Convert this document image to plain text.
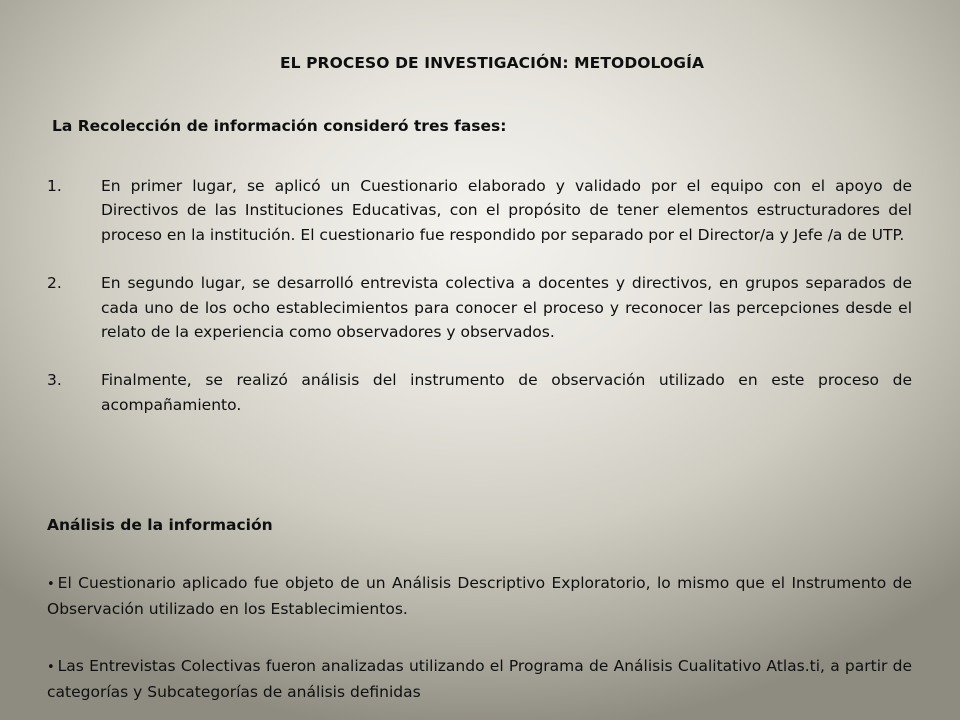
EL PROCESO DE INVESTIGACIÓN: METODOLOGÍA
La Recolección de información consideró tres fases:
1.	En primer lugar, se aplicó un Cuestionario elaborado y validado por el equipo con el apoyo de Directivos de las Instituciones Educativas, con el propósito de tener elementos estructuradores del proceso en la institución. El cuestionario fue respondido por separado por el Director/a y Jefe /a de UTP.
2.	En segundo lugar, se desarrolló entrevista colectiva a docentes y directivos, en grupos separados de cada uno de los ocho establecimientos para conocer el proceso y reconocer las percepciones desde el relato de la experiencia como observadores y observados.
3.	Finalmente, se realizó análisis del instrumento de observación utilizado en este proceso de acompañamiento.
Análisis de la información
• El Cuestionario aplicado fue objeto de un Análisis Descriptivo Exploratorio, lo mismo que el Instrumento de Observación utilizado en los Establecimientos.
• Las Entrevistas Colectivas fueron analizadas utilizando el Programa de Análisis Cualitativo Atlas.ti, a partir de categorías y Subcategorías de análisis definidas
